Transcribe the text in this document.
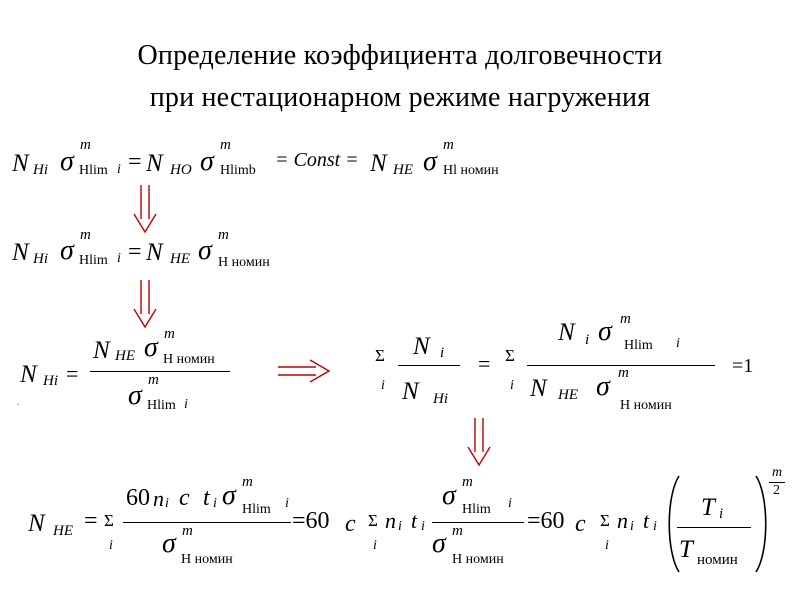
Определение коэффициента долговечности
при нестационарном режиме нагружения
N Hi σ
m
Hlim i = N HO σ
m
Hlimb = Const = N HE σ
m
Hl номин
N Hi σ m
Hlim i = N HE σ m
H номин
N Hi =
N HE σ m
H номин
σ m
Hlim i
.
Σ
i
N i
N Hi
= Σ
i
N i σ m
Hlim i
N HE σ m
H номин
=1
N HE = Σ
i
60 n i c t i σ m
Hlim i
σ m
H номин
=60 c Σ
i
n i t i
σ m
Hlim i
σ m
H номин
=60 c Σ
i
n i t i
T i
T номин
m
2
